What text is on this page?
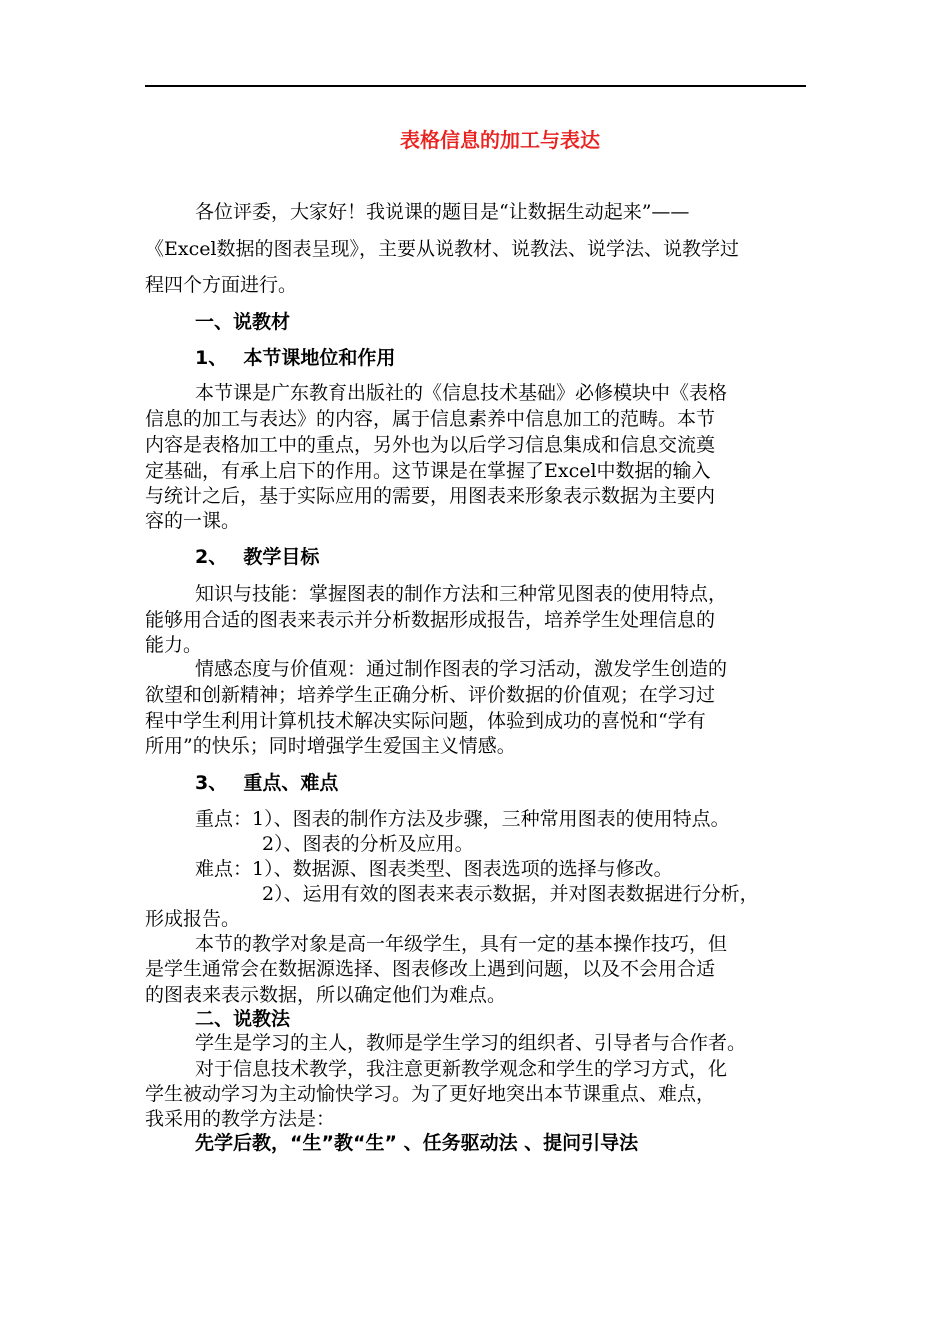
表格信息的加工与表达
各位评委，大家好！我说课的题目是“让数据生动起来”——
《Excel数据的图表呈现》，主要从说教材、说教法、说学法、说教学过
程四个方面进行。
一、说教材
1、　 本节课地位和作用
本节课是广东教育出版社的《信息技术基础》必修模块中《表格
信息的加工与表达》的内容，属于信息素养中信息加工的范畴。本节
内容是表格加工中的重点，另外也为以后学习信息集成和信息交流奠
定基础，有承上启下的作用。这节课是在掌握了Excel中数据的输入
与统计之后，基于实际应用的需要，用图表来形象表示数据为主要内
容的一课。
2、　 教学目标
知识与技能：掌握图表的制作方法和三种常见图表的使用特点，
能够用合适的图表来表示并分析数据形成报告，培养学生处理信息的
能力。
情感态度与价值观：通过制作图表的学习活动，激发学生创造的
欲望和创新精神；培养学生正确分析、评价数据的价值观；在学习过
程中学生利用计算机技术解决实际问题，体验到成功的喜悦和“学有
所用”的快乐；同时增强学生爱国主义情感。
3、　 重点、难点
重点：1）、图表的制作方法及步骤，三种常用图表的使用特点。
2）、图表的分析及应用。
难点：1）、数据源、图表类型、图表选项的选择与修改。
2）、运用有效的图表来表示数据，并对图表数据进行分析，
形成报告。
本节的教学对象是高一年级学生，具有一定的基本操作技巧，但
是学生通常会在数据源选择、图表修改上遇到问题，以及不会用合适
的图表来表示数据，所以确定他们为难点。
二、说教法
学生是学习的主人，教师是学生学习的组织者、引导者与合作者。
对于信息技术教学，我注意更新教学观念和学生的学习方式，化
学生被动学习为主动愉快学习。为了更好地突出本节课重点、难点，
我采用的教学方法是：
先学后教，“生”教“生” 、任务驱动法 、提问引导法
